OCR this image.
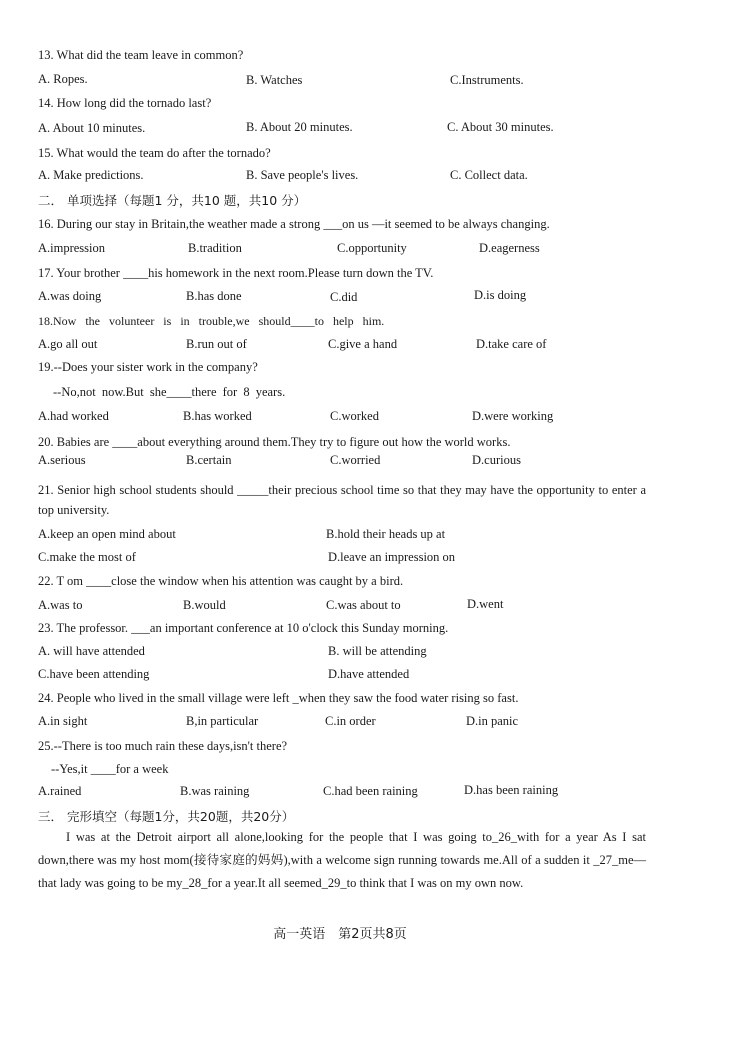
13. What did the team leave in common?
A. Ropes.	B. Watches	C.Instruments.
14. How long did the tornado last?
A. About 10 minutes.	B. About 20 minutes.	C. About 30 minutes.
15. What would the team do after the tornado?
A. Make predictions.	B. Save people's lives.	C. Collect data.
二． 单项选择（每题1 分，共10 题，共10 分）
16. During our stay in Britain,the weather made a strong ___on us —it seemed to be always changing.
A.impression	B.tradition	C.opportunity	D.eagerness
17. Your brother ____his homework in the next room.Please turn down the TV.
A.was doing	B.has done	C.did	D.is doing
18.Now the volunteer is in trouble,we should____to help him.
A.go all out	B.run out of	C.give a hand	D.take care of
19.--Does your sister work in the company?
--No,not now.But she____there for 8 years.
A.had worked	B.has worked	C.worked	D.were working
20. Babies are ____about everything around them.They try to figure out how the world works.
A.serious	B.certain	C.worried	D.curious
21. Senior high school students should _____their precious school time so that they may have the opportunity to enter a top university.
A.keep an open mind about	B.hold their heads up at
C.make the most of	D.leave an impression on
22. T om ____close the window when his attention was caught by a bird.
A.was to	B.would	C.was about to	D.went
23. The professor. ___an important conference at 10 o'clock this Sunday morning.
A. will have attended	B. will be attending
C.have been attending	D.have attended
24. People who lived in the small village were left _when they saw the food water rising so fast.
A.in sight	B,in particular	C.in order	D.in panic
25.--There is too much rain these days,isn't there?
--Yes,it ____for a week
A.rained	B.was raining	C.had been raining	D.has been raining
三． 完形填空（每题1分，共20题，共20分）
I was at the Detroit airport all alone,looking for the people that I was going to_26_with for a year As I sat down,there was my host mom(接待家庭的妈妈),with a welcome sign running towards me.All of a sudden it _27_me—that lady was going to be my_28_for a year.It all seemed_29_to think that I was on my own now.
高一英语　第2页共8页
